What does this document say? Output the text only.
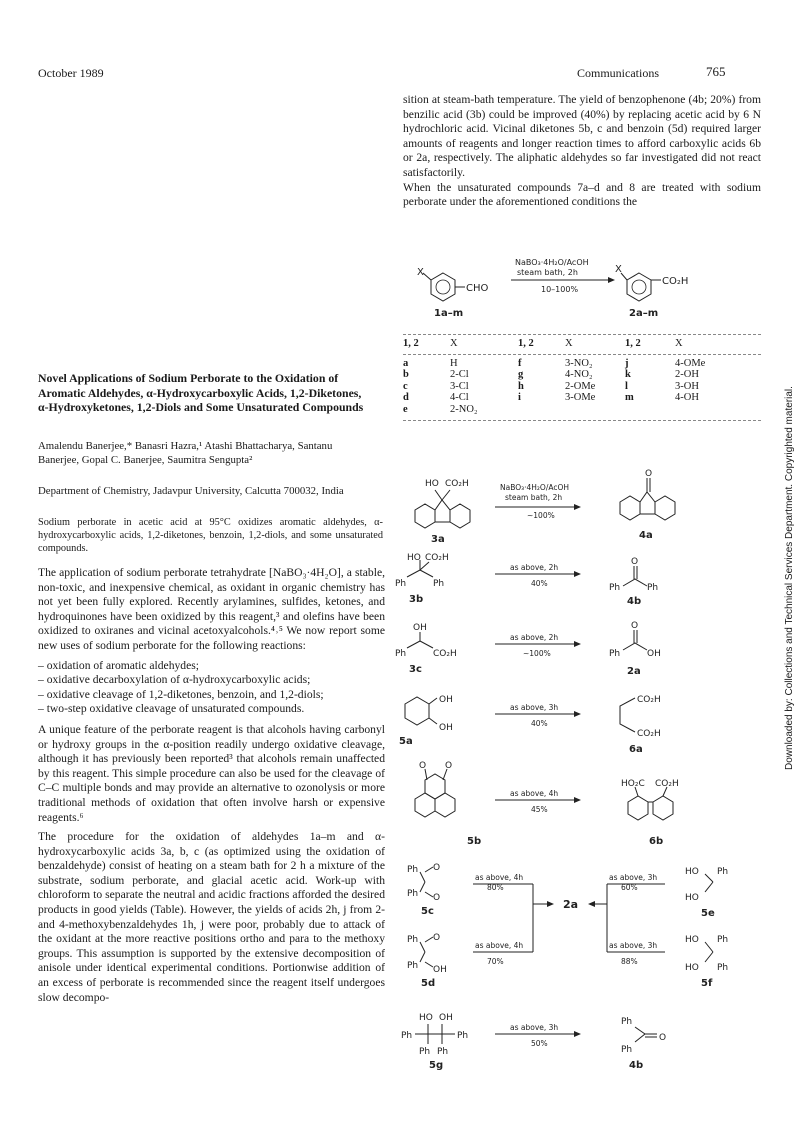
October 1989	Communications	765

sition at steam-bath temperature. The yield of benzophenone (4b; 20%) from benzilic acid (3b) could be improved (40%) by replacing acetic acid by 6 N hydrochloric acid. Vicinal diketones 5b, c and benzoin (5d) required larger amounts of reagents and longer reaction times to afford carboxylic acids 6b or 2a, respectively. The aliphatic aldehydes so far investigated did not react satisfactorily.

When the unsaturated compounds 7a–d and 8 are treated with sodium perborate under the aforementioned conditions the

X
CHO
1a–m
NaBO₃·4H₂O/AcOH
steam bath, 2h
10–100%
X
CO₂H
2a–m
1, 2	X	1, 2	X	1, 2	X
a	H	f	3-NO₂	j	4-OMe
b	2-Cl	g	4-NO₂	k	2-OH
c	3-Cl	h	2-OMe	l	3-OH
d	4-Cl	i	3-OMe	m	4-OH
e	2-NO₂				
Novel Applications of Sodium Perborate to the Oxidation of Aromatic Aldehydes, α-Hydroxycarboxylic Acids, 1,2-Diketones, α-Hydroxyketones, 1,2-Diols and Some Unsaturated Compounds
Amalendu Banerjee,* Banasri Hazra,¹ Atashi Bhattacharya, Santanu Banerjee, Gopal C. Banerjee, Saumitra Sengupta²
Department of Chemistry, Jadavpur University, Calcutta 700032, India
Sodium perborate in acetic acid at 95°C oxidizes aromatic aldehydes, α-hydroxycarboxylic acids, 1,2-diketones, benzoin, 1,2-diols, and some unsaturated compounds.

The application of sodium perborate tetrahydrate [NaBO₃·4H₂O], a stable, non-toxic, and inexpensive chemical, as oxidant in organic chemistry has not yet been fully explored. Recently arylamines, sulfides, ketones, and hydroquinones have been oxidized by this reagent,³ and olefins have been oxidized to oxiranes and vicinal acetoxyalcohols.⁴˒⁵ We now report some new uses of sodium perborate for the following reactions:

– oxidation of aromatic aldehydes;
– oxidative decarboxylation of α-hydroxycarboxylic acids;
– oxidative cleavage of 1,2-diketones, benzoin, and 1,2-diols;
– two-step oxidative cleavage of unsaturated compounds.

A unique feature of the perborate reagent is that alcohols having carbonyl or hydroxy groups in the α-position readily undergo oxidative cleavage, although it has previously been reported³ that alcohols remain unaffected by this reagent. This simple procedure can also be used for the cleavage of C–C multiple bonds and may provide an alternative to ozonolysis or more traditional methods of oxidation that often involve harsh or expensive reagents.⁶

The procedure for the oxidation of aldehydes 1a–m and α-hydroxycarboxylic acids 3a, b, c (as optimized using the oxidation of benzaldehyde) consist of heating on a steam bath for 2 h a mixture of the substrate, sodium perborate, and glacial acetic acid. Work-up with chloroform to separate the neutral and acidic fractions afforded the desired products in good yields (Table). However, the yields of acids 2h, j from 2- and 4-methoxybenzaldehydes 1h, j were poor, probably due to attack of the oxidant at the more reactive positions ortho and para to the methoxy groups. This assumption is supported by the extensive decomposition of anisole under identical experimental conditions. Portionwise addition of an excess of perborate is recommended since the reagent itself undergoes slow decompo-

HO CO₂H	NaBO₃·4H₂O/AcOH
steam bath, 2h
~100%
3a
O
4a
HO CO₂H
Ph	Ph
as above, 2h
40%
3b
O
Ph	Ph
4b
OH
Ph	CO₂H
as above, 2h
~100%
3c
O
Ph	OH
2a
OH
OH
as above, 3h
40%
5a
CO₂H
CO₂H
6a
O O
as above, 4h
45%
5b
HO₂C CO₂H
6b
Ph O
Ph O
as above, 4h
80%
5c
2a
Ph O
Ph OH
as above, 4h
70%
5d
as above, 3h
60%
HO Ph
HO
5e
as above, 3h
88%
HO Ph
HO Ph
5f
HO OH
Ph	Ph
Ph Ph
as above, 3h
50%
5g
Ph
Ph
O
4b
Downloaded by: Collections and Technical Services Department. Copyrighted material.
